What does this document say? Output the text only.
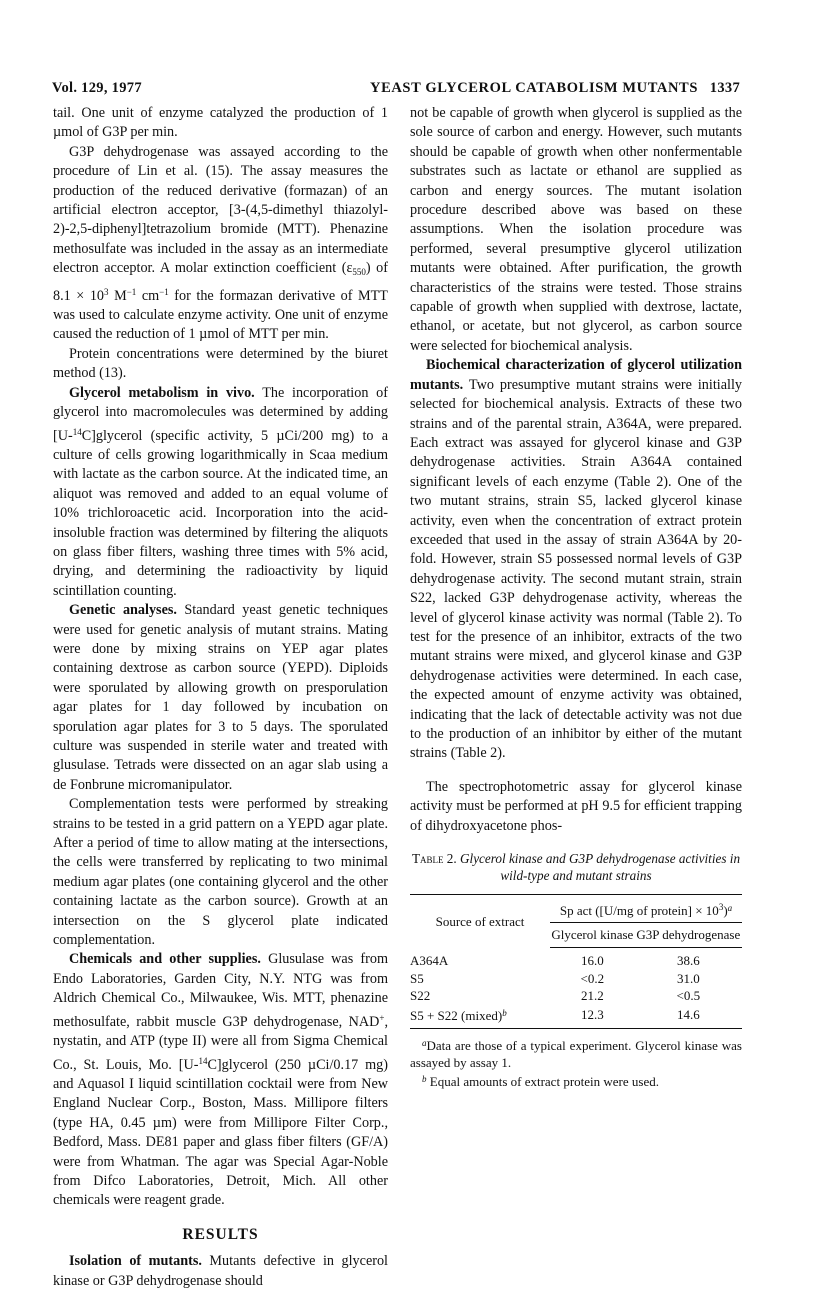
Vol. 129, 1977	YEAST GLYCEROL CATABOLISM MUTANTS 1337

tail. One unit of enzyme catalyzed the production of 1 µmol of G3P per min.

G3P dehydrogenase was assayed according to the procedure of Lin et al. (15). The assay measures the production of the reduced derivative (formazan) of an artificial electron acceptor, [3-(4,5-dimethyl thiazolyl-2)-2,5-diphenyl]tetrazolium bromide (MTT). Phenazine methosulfate was included in the assay as an intermediate electron acceptor. A molar extinction coefficient $(\varepsilon_{550})$ of $8.1 \times 10^3$ $M^{-1}$ $cm^{-1}$ for the formazan derivative of MTT was used to calculate enzyme activity. One unit of enzyme caused the reduction of 1 µmol of MTT per min.

Protein concentrations were determined by the biuret method (13).

Glycerol metabolism in vivo. The incorporation of glycerol into macromolecules was determined by adding [U-$^{14}$C]glycerol (specific activity, 5 µCi/200 mg) to a culture of cells growing logarithmically in Scaa medium with lactate as the carbon source. At the indicated time, an aliquot was removed and added to an equal volume of 10% trichloroacetic acid. Incorporation into the acid-insoluble fraction was determined by filtering the aliquots on glass fiber filters, washing three times with 5% acid, drying, and determining the radioactivity by liquid scintillation counting.

Genetic analyses. Standard yeast genetic techniques were used for genetic analysis of mutant strains. Mating were done by mixing strains on YEP agar plates containing dextrose as carbon source (YEPD). Diploids were sporulated by allowing growth on presporulation agar plates for 1 day followed by incubation on sporulation agar plates for 3 to 5 days. The sporulated culture was suspended in sterile water and treated with glusulase. Tetrads were dissected on an agar slab using a de Fonbrune micromanipulator.

Complementation tests were performed by streaking strains to be tested in a grid pattern on a YEPD agar plate. After a period of time to allow mating at the intersections, the cells were transferred by replicating to two minimal medium agar plates (one containing glycerol and the other containing lactate as the carbon source). Growth at an intersection on the S glycerol plate indicated complementation.

Chemicals and other supplies. Glusulase was from Endo Laboratories, Garden City, N.Y. NTG was from Aldrich Chemical Co., Milwaukee, Wis. MTT, phenazine methosulfate, rabbit muscle G3P dehydrogenase, NAD+, nystatin, and ATP (type II) were all from Sigma Chemical Co., St. Louis, Mo. [U-$^{14}$C]glycerol (250 µCi/0.17 mg) and Aquasol I liquid scintillation cocktail were from New England Nuclear Corp., Boston, Mass. Millipore filters (type HA, 0.45 µm) were from Millipore Filter Corp., Bedford, Mass. DE81 paper and glass fiber filters (GF/A) were from Whatman. The agar was Special Agar-Noble from Difco Laboratories, Detroit, Mich. All other chemicals were reagent grade.

RESULTS

Isolation of mutants. Mutants defective in glycerol kinase or G3P dehydrogenase should

not be capable of growth when glycerol is supplied as the sole source of carbon and energy. However, such mutants should be capable of growth when other nonfermentable substrates such as lactate or ethanol are supplied as carbon and energy sources. The mutant isolation procedure described above was based on these assumptions. When the isolation procedure was performed, several presumptive glycerol utilization mutants were obtained. After purification, the growth characteristics of the strains were tested. Those strains capable of growth when supplied with dextrose, lactate, ethanol, or acetate, but not glycerol, as carbon source were selected for biochemical analysis.

Biochemical characterization of glycerol utilization mutants. Two presumptive mutant strains were initially selected for biochemical analysis. Extracts of these two strains and of the parental strain, A364A, were prepared. Each extract was assayed for glycerol kinase and G3P dehydrogenase activities. Strain A364A contained significant levels of each enzyme (Table 2). One of the two mutant strains, strain S5, lacked glycerol kinase activity, even when the concentration of extract protein exceeded that used in the assay of strain A364A by 20-fold. However, strain S5 possessed normal levels of G3P dehydrogenase activity. The second mutant strain, strain S22, lacked G3P dehydrogenase activity, whereas the level of glycerol kinase activity was normal (Table 2). To test for the presence of an inhibitor, extracts of the two mutant strains were mixed, and glycerol kinase and G3P dehydrogenase activities were determined. In each case, the expected amount of enzyme activity was obtained, indicating that the lack of detectable activity was not due to the production of an inhibitor by either of the mutant strains (Table 2).

The spectrophotometric assay for glycerol kinase activity must be performed at pH 9.5 for efficient trapping of dihydroxyacetone phos-

Table 2. Glycerol kinase and G3P dehydrogenase activities in wild-type and mutant strains
Source of extract	Sp act ([U/mg of protein] × $10^3)^a$
	Glycerol kinase	G3P dehydrogenase
A364A	16.0	38.6
S5	<0.2	31.0
S22	21.2	<0.5
S5 + S22 (mixed)$^b$	12.3	14.6

$^a$Data are those of a typical experiment. Glycerol kinase was assayed by assay 1.

$^b$ Equal amounts of extract protein were used.
